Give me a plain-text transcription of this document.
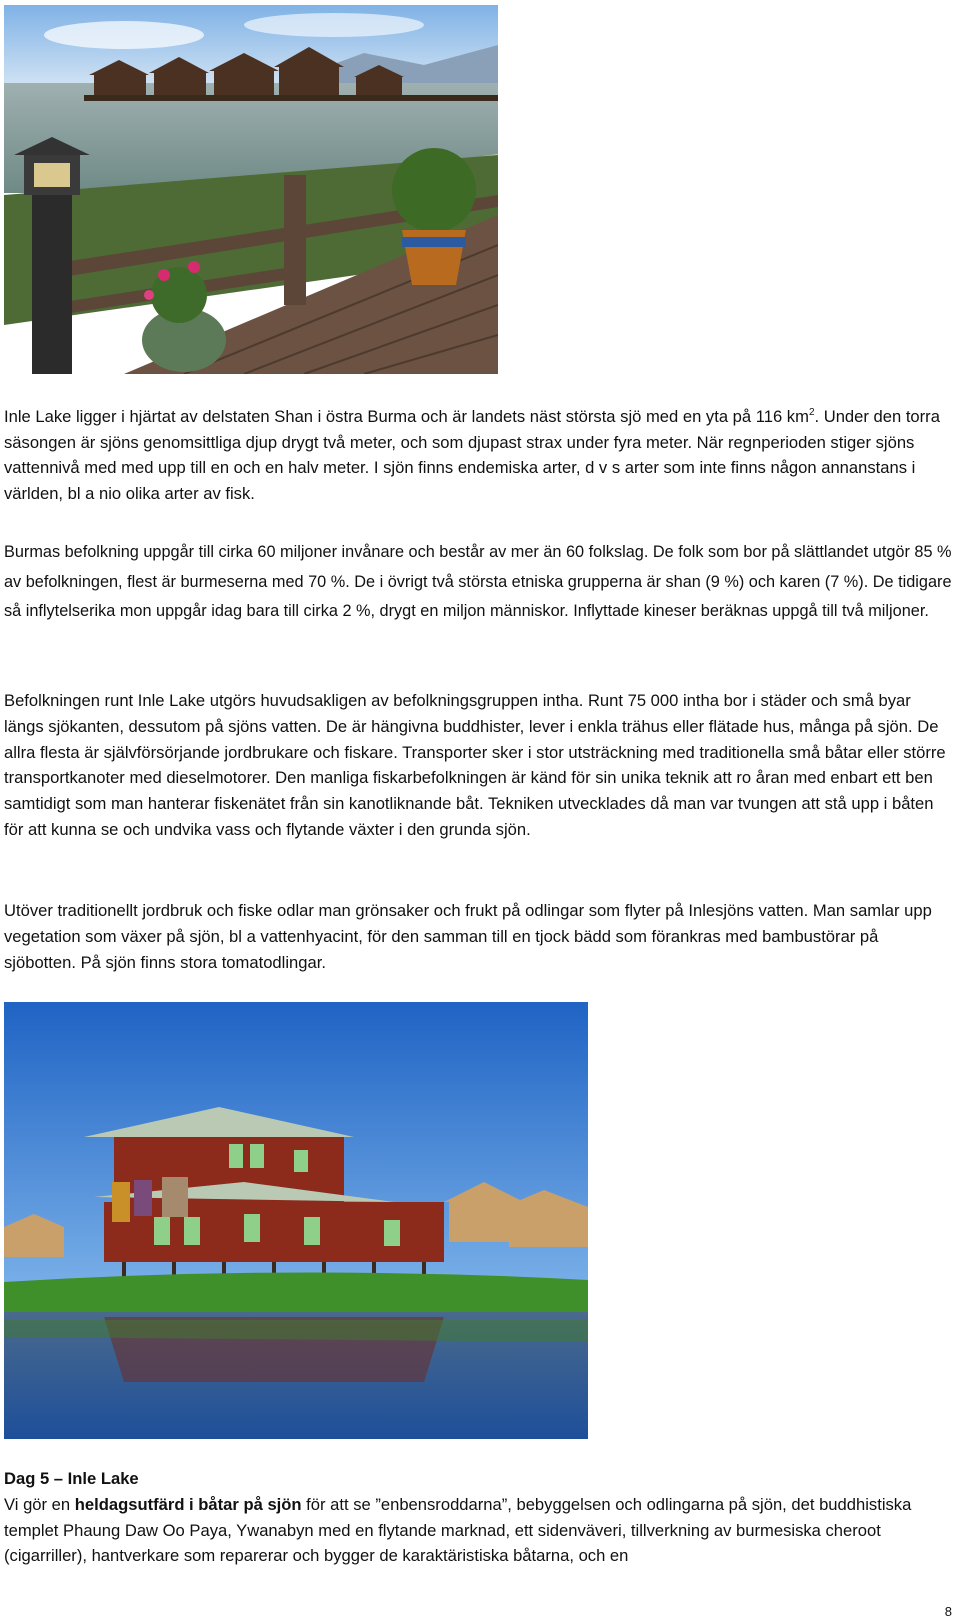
Inle Lake ligger i hjärtat av delstaten Shan i östra Burma och är landets näst största sjö med en yta på 116 $km^2$. Under den torra säsongen är sjöns genomsittliga djup drygt två meter, och som djupast strax under fyra meter. När regnperioden stiger sjöns vattennivå med med upp till en och en halv meter. I sjön finns endemiska arter, d v s arter som inte finns någon annanstans i världen, bl a nio olika arter av fisk.

Burmas befolkning uppgår till cirka 60 miljoner invånare och består av mer än 60 folkslag. De folk som bor på slättlandet utgör 85 % av befolkningen, flest är burmeserna med 70 %. De i övrigt två största etniska grupperna är shan (9 %) och karen (7 %). De tidigare så inflytelserika mon uppgår idag bara till cirka 2 %, drygt en miljon människor. Inflyttade kineser beräknas uppgå till två miljoner.

Befolkningen runt Inle Lake utgörs huvudsakligen av befolkningsgruppen intha. Runt 75 000 intha bor i städer och små byar längs sjökanten, dessutom på sjöns vatten. De är hängivna buddhister, lever i enkla trähus eller flätade hus, många på sjön. De allra flesta är självförsörjande jordbrukare och fiskare. Transporter sker i stor utsträckning med traditionella små båtar eller större transportkanoter med dieselmotorer. Den manliga fiskarbefolkningen är känd för sin unika teknik att ro åran med enbart ett ben samtidigt som man hanterar fiskenätet från sin kanotliknande båt. Tekniken utvecklades då man var tvungen att stå upp i båten för att kunna se och undvika vass och flytande växter i den grunda sjön.

Utöver traditionellt jordbruk och fiske odlar man grönsaker och frukt på odlingar som flyter på Inlesjöns vatten. Man samlar upp vegetation som växer på sjön, bl a vattenhyacint, för den samman till en tjock bädd som förankras med bambustörar på sjöbotten. På sjön finns stora tomatodlingar.

Dag 5 – Inle Lake
Vi gör en heldagsutfärd i båtar på sjön för att se ”enbensroddarna”, bebyggelsen och odlingarna på sjön, det buddhistiska templet Phaung Daw Oo Paya, Ywanabyn med en flytande marknad, ett sidenväveri, tillverkning av burmesiska cheroot (cigarriller), hantverkare som reparerar och bygger de karaktäristiska båtarna, och en

8
